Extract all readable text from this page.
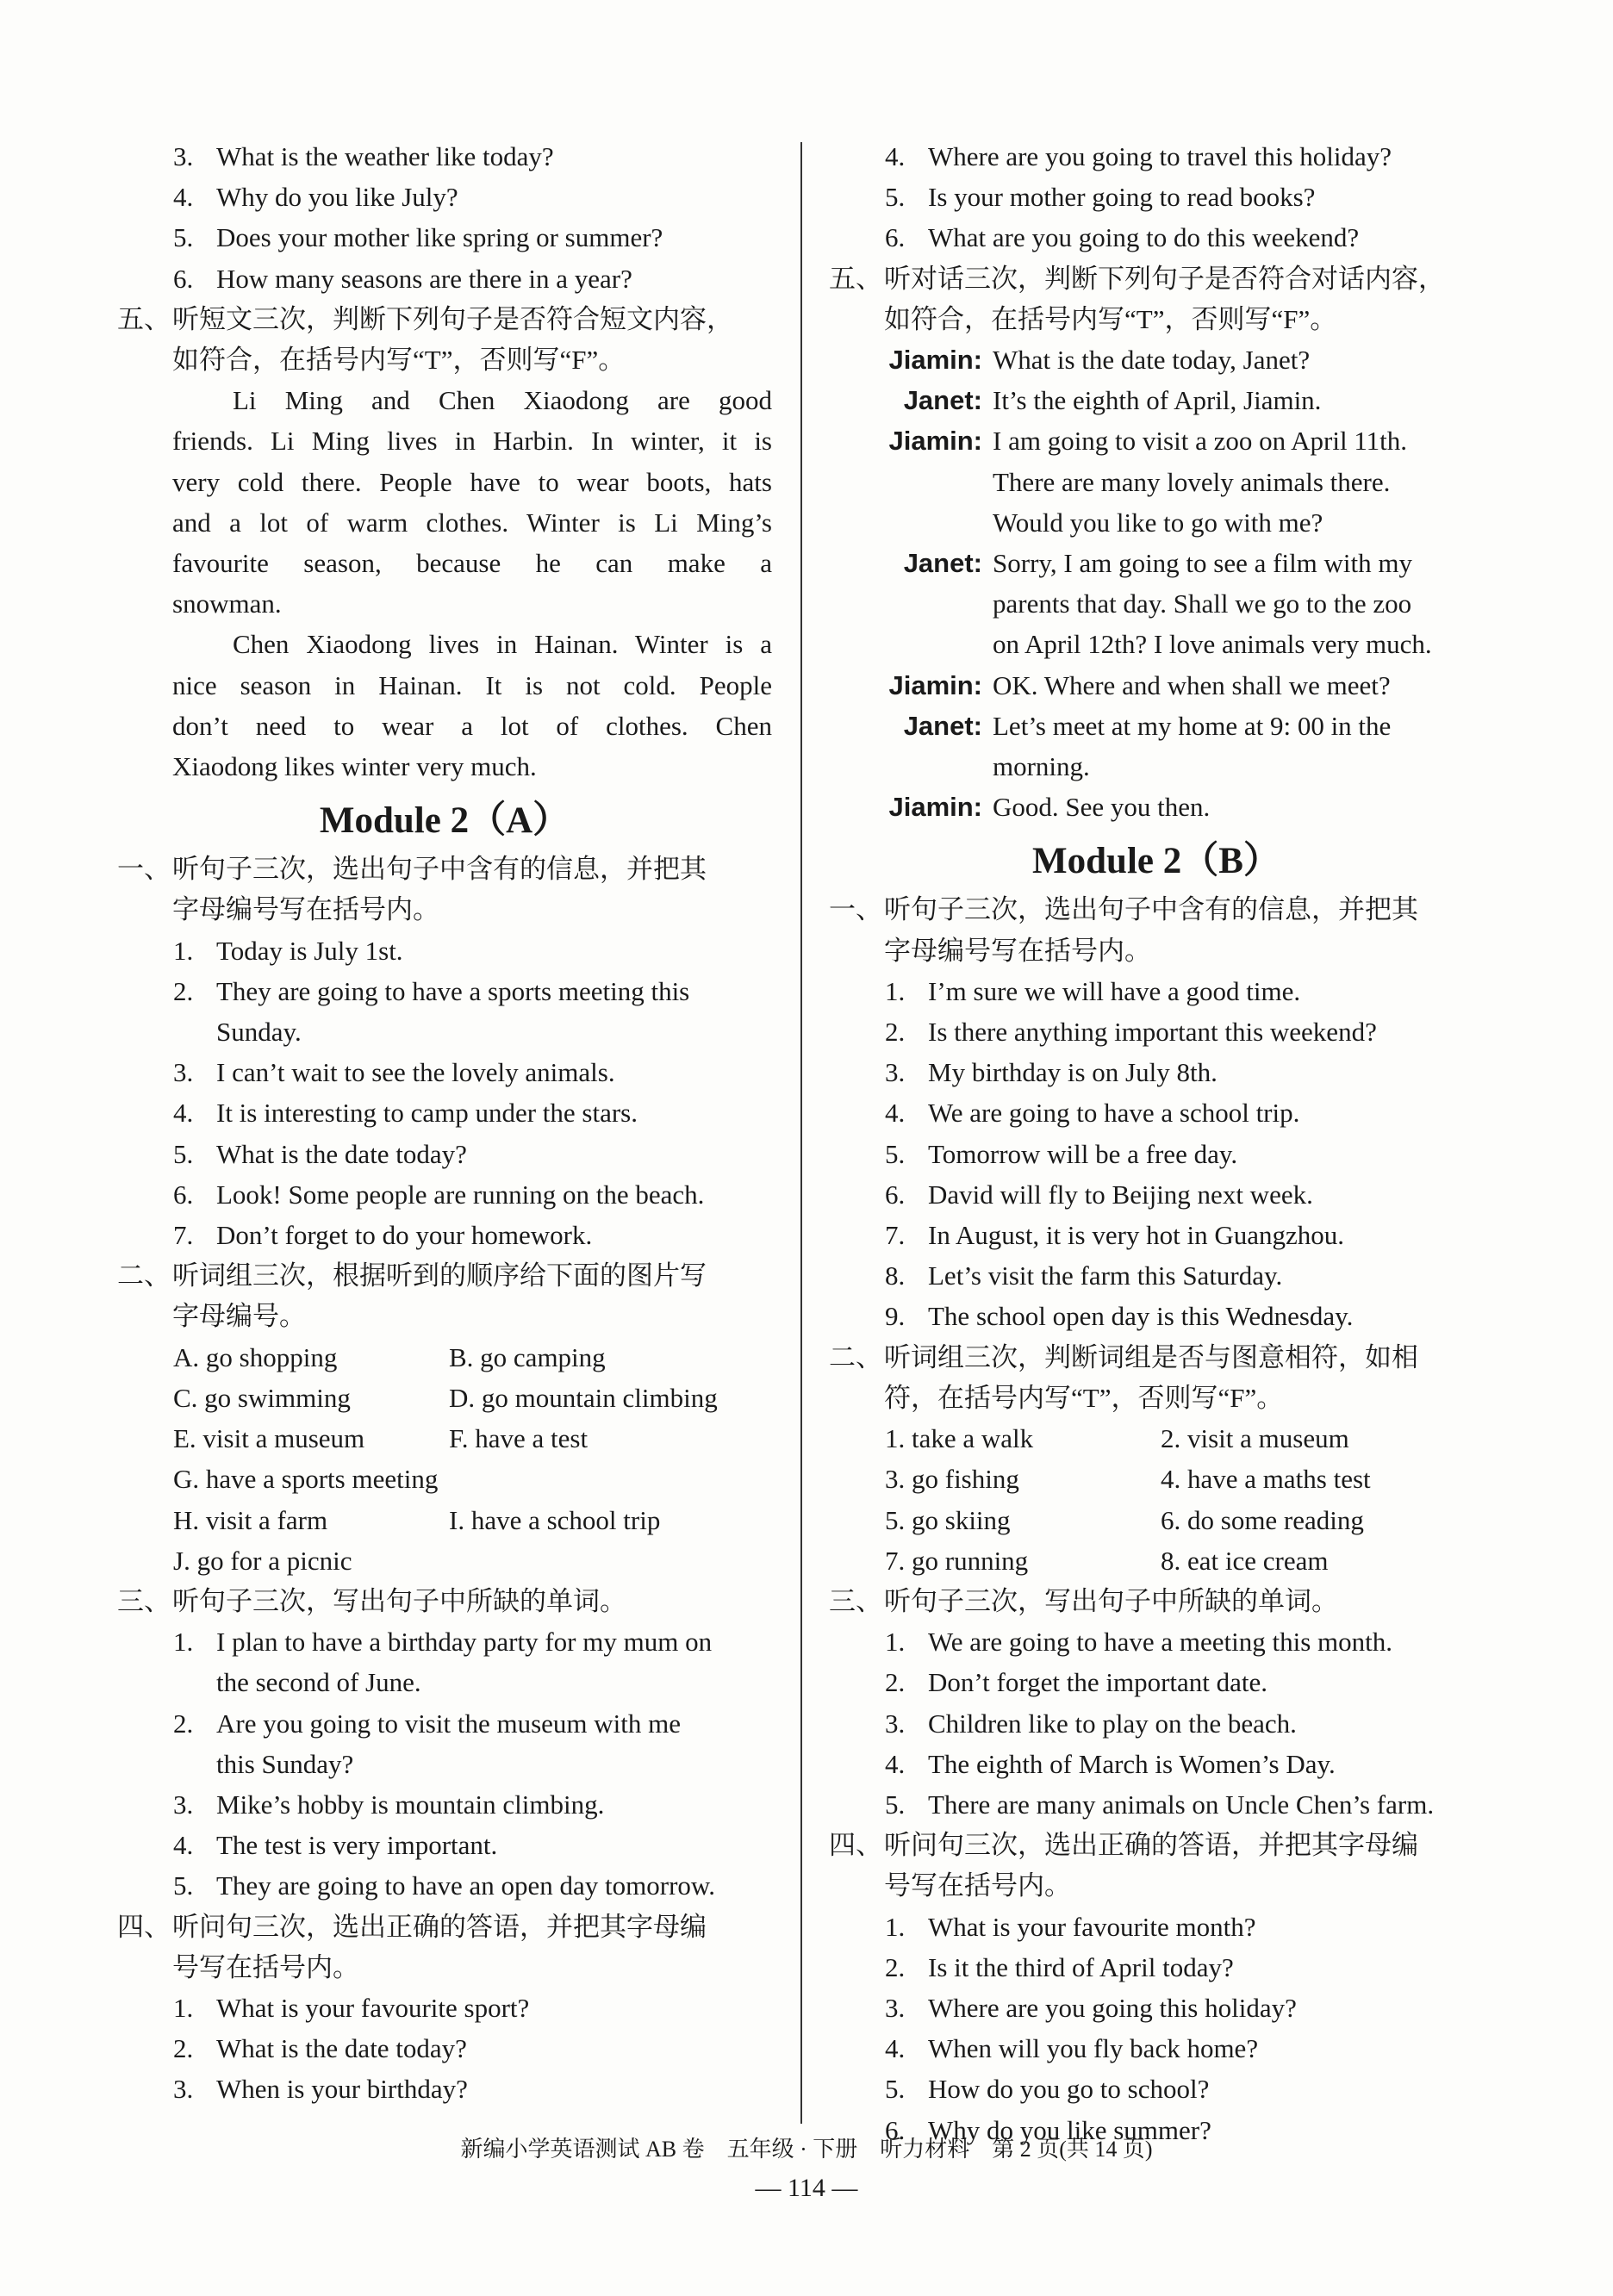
3. What is the weather like today?
4. Why do you like July?
5. Does your mother like spring or summer?
6. How many seasons are there in a year?
五、听短文三次，判断下列句子是否符合短文内容，
如符合，在括号内写“T”，否则写“F”。
Li Ming and Chen Xiaodong are good
friends. Li Ming lives in Harbin. In winter, it is
very cold there. People have to wear boots, hats
and a lot of warm clothes. Winter is Li Ming’s
favourite season, because he can make a
snowman.
Chen Xiaodong lives in Hainan. Winter is a
nice season in Hainan. It is not cold. People
don’t need to wear a lot of clothes. Chen
Xiaodong likes winter very much.
Module 2（A）
一、听句子三次，选出句子中含有的信息，并把其
字母编号写在括号内。
1. Today is July 1st.
2. They are going to have a sports meeting this
Sunday.
3. I can’t wait to see the lovely animals.
4. It is interesting to camp under the stars.
5. What is the date today?
6. Look! Some people are running on the beach.
7. Don’t forget to do your homework.
二、听词组三次，根据听到的顺序给下面的图片写
字母编号。
A. go shopping	B. go camping
C. go swimming	D. go mountain climbing
E. visit a museum	F. have a test
G. have a sports meeting
H. visit a farm	I. have a school trip
J. go for a picnic
三、听句子三次，写出句子中所缺的单词。
1. I plan to have a birthday party for my mum on
the second of June.
2. Are you going to visit the museum with me
this Sunday?
3. Mike’s hobby is mountain climbing.
4. The test is very important.
5. They are going to have an open day tomorrow.
四、听问句三次，选出正确的答语，并把其字母编
号写在括号内。
1. What is your favourite sport?
2. What is the date today?
3. When is your birthday?
4. Where are you going to travel this holiday?
5. Is your mother going to read books?
6. What are you going to do this weekend?
五、听对话三次，判断下列句子是否符合对话内容，
如符合，在括号内写“T”，否则写“F”。
Jiamin: What is the date today, Janet?
Janet: It’s the eighth of April, Jiamin.
Jiamin: I am going to visit a zoo on April 11th.
There are many lovely animals there.
Would you like to go with me?
Janet: Sorry, I am going to see a film with my
parents that day. Shall we go to the zoo
on April 12th? I love animals very much.
Jiamin: OK. Where and when shall we meet?
Janet: Let’s meet at my home at 9: 00 in the
morning.
Jiamin: Good. See you then.
Module 2（B）
一、听句子三次，选出句子中含有的信息，并把其
字母编号写在括号内。
1. I’m sure we will have a good time.
2. Is there anything important this weekend?
3. My birthday is on July 8th.
4. We are going to have a school trip.
5. Tomorrow will be a free day.
6. David will fly to Beijing next week.
7. In August, it is very hot in Guangzhou.
8. Let’s visit the farm this Saturday.
9. The school open day is this Wednesday.
二、听词组三次，判断词组是否与图意相符，如相
符，在括号内写“T”，否则写“F”。
1. take a walk	2. visit a museum
3. go fishing	4. have a maths test
5. go skiing	6. do some reading
7. go running	8. eat ice cream
三、听句子三次，写出句子中所缺的单词。
1. We are going to have a meeting this month.
2. Don’t forget the important date.
3. Children like to play on the beach.
4. The eighth of March is Women’s Day.
5. There are many animals on Uncle Chen’s farm.
四、听问句三次，选出正确的答语，并把其字母编
号写在括号内。
1. What is your favourite month?
2. Is it the third of April today?
3. Where are you going this holiday?
4. When will you fly back home?
5. How do you go to school?
6. Why do you like summer?
新编小学英语测试 AB 卷　五年级 · 下册　听力材料　第 2 页(共 14 页)
— 114 —
